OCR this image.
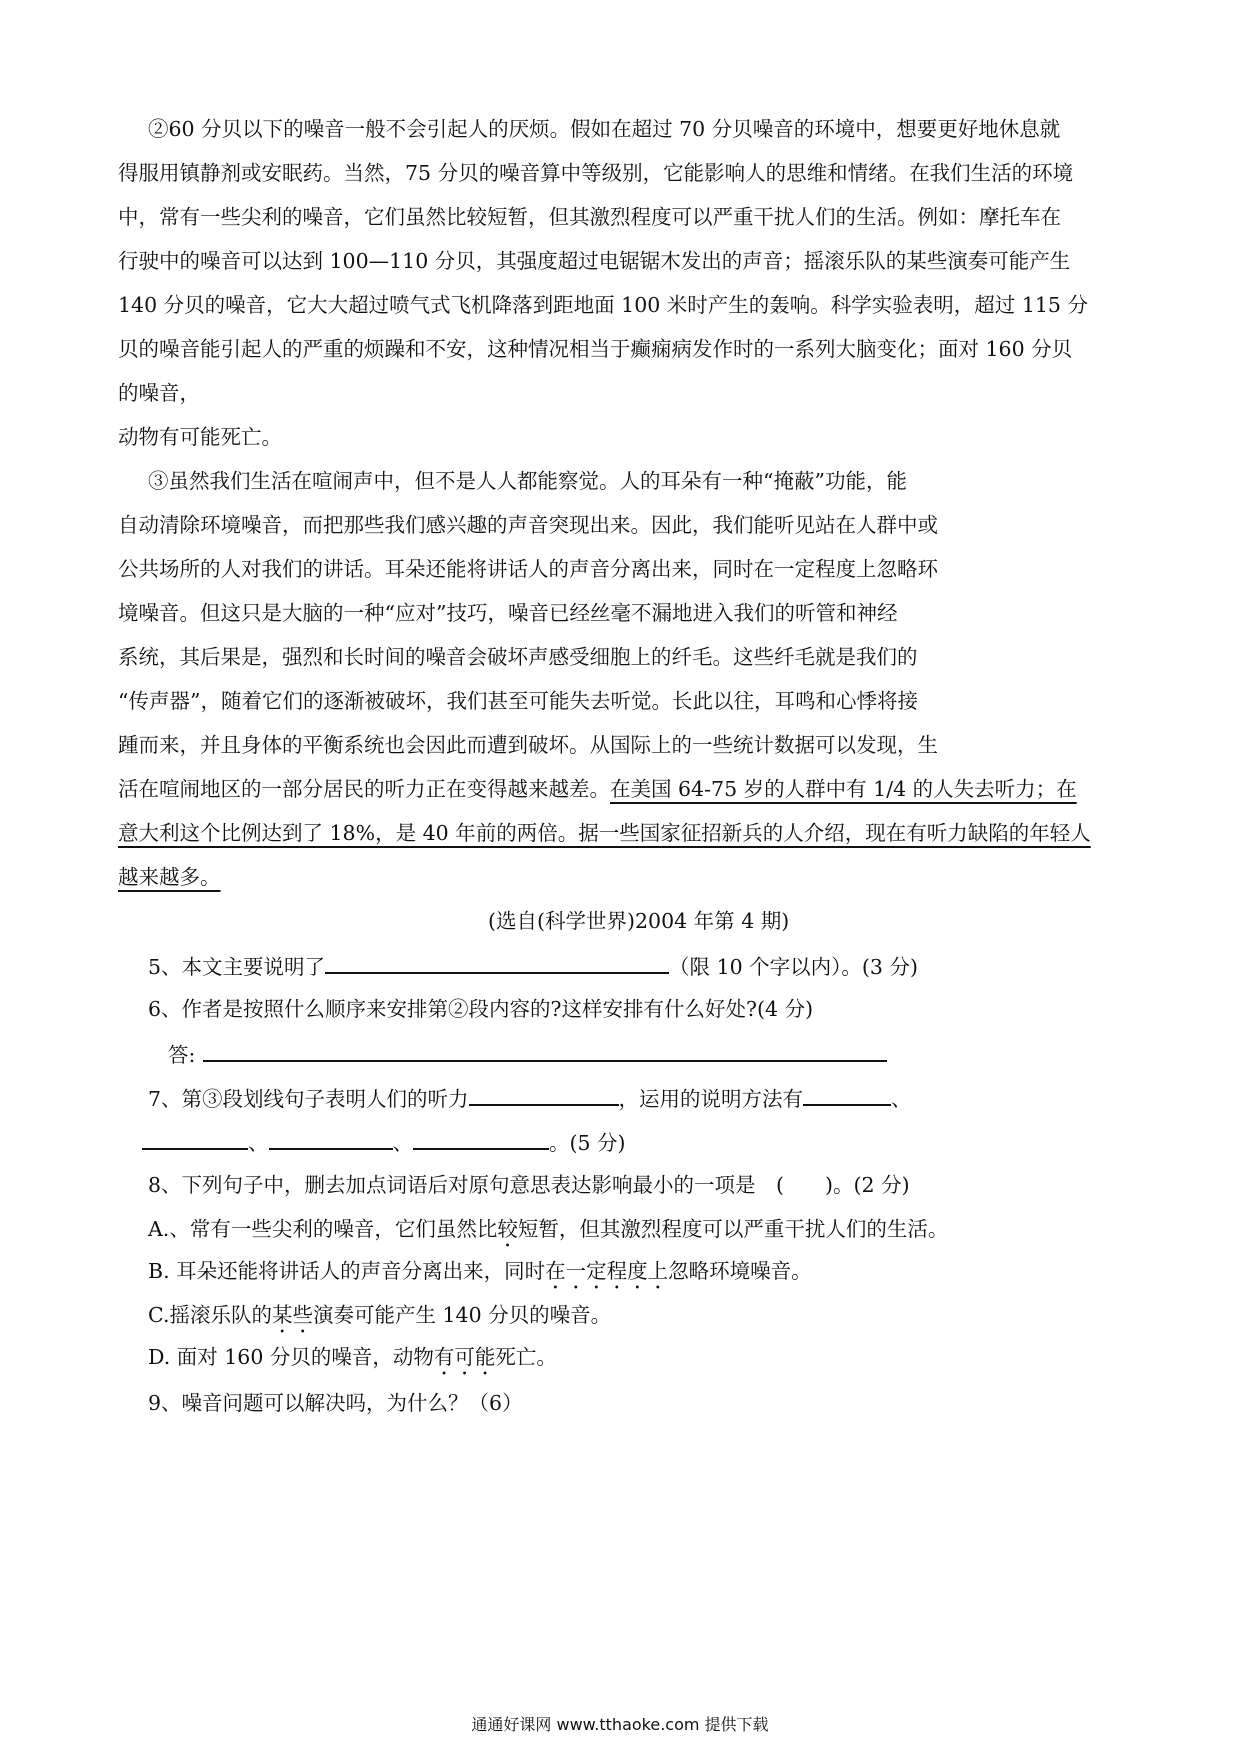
②60 分贝以下的噪音一般不会引起人的厌烦。假如在超过 70 分贝噪音的环境中，想要更好地休息就
得服用镇静剂或安眠药。当然，75 分贝的噪音算中等级别，它能影响人的思维和情绪。在我们生活的环境
中，常有一些尖利的噪音，它们虽然比较短暂，但其激烈程度可以严重干扰人们的生活。例如：摩托车在
行驶中的噪音可以达到 100—110 分贝，其强度超过电锯锯木发出的声音；摇滚乐队的某些演奏可能产生
140 分贝的噪音，它大大超过喷气式飞机降落到距地面 100 米时产生的轰响。科学实验表明，超过 115 分
贝的噪音能引起人的严重的烦躁和不安，这种情况相当于癫痫病发作时的一系列大脑变化；面对 160 分贝
的噪音，
动物有可能死亡。
③虽然我们生活在喧闹声中，但不是人人都能察觉。人的耳朵有一种“掩蔽”功能，能
自动清除环境噪音，而把那些我们感兴趣的声音突现出来。因此，我们能听见站在人群中或
公共场所的人对我们的讲话。耳朵还能将讲话人的声音分离出来，同时在一定程度上忽略环
境噪音。但这只是大脑的一种“应对”技巧，噪音已经丝毫不漏地进入我们的听管和神经
系统，其后果是，强烈和长时间的噪音会破坏声感受细胞上的纤毛。这些纤毛就是我们的
“传声器”，随着它们的逐渐被破坏，我们甚至可能失去听觉。长此以往，耳鸣和心悸将接
踵而来，并且身体的平衡系统也会因此而遭到破坏。从国际上的一些统计数据可以发现，生
活在喧闹地区的一部分居民的听力正在变得越来越差。在美国 64-75 岁的人群中有 1/4 的人失去听力；在
意大利这个比例达到了 18%，是 40 年前的两倍。据一些国家征招新兵的人介绍，现在有听力缺陷的年轻人
越来越多。
(选自(科学世界)2004 年第 4 期)
5、本文主要说明了	（限 10 个字以内）。(3 分)
6、作者是按照什么顺序来安排第②段内容的?这样安排有什么好处?(4 分)
答:
7、第③段划线句子表明人们的听力	，运用的说明方法有	、
、	、	。(5 分)
8、下列句子中，删去加点词语后对原句意思表达影响最小的一项是　(　　)。(2 分)
A.、常有一些尖利的噪音，它们虽然比较短暂，但其激烈程度可以严重干扰人们的生活。
B. 耳朵还能将讲话人的声音分离出来，同时在一定程度上忽略环境噪音。
C.摇滚乐队的某些演奏可能产生 140 分贝的噪音。
D. 面对 160 分贝的噪音，动物有可能死亡。
9、噪音问题可以解决吗，为什么？（6）
通通好课网 www.tthaoke.com 提供下载
